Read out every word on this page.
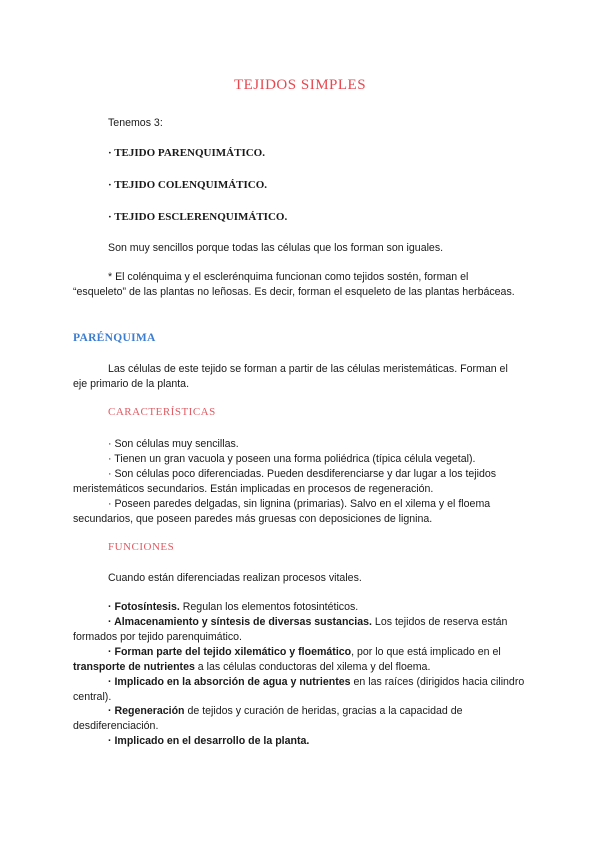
TEJIDOS SIMPLES

Tenemos 3:

· TEJIDO PARENQUIMÁTICO.

· TEJIDO COLENQUIMÁTICO.

· TEJIDO ESCLERENQUIMÁTICO.

Son muy sencillos porque todas las células que los forman son iguales.

* El colénquima y el esclerénquima funcionan como tejidos sostén, forman el “esqueleto” de las plantas no leñosas. Es decir, forman el esqueleto de las plantas herbáceas.

PARÉNQUIMA

Las células de este tejido se forman a partir de las células meristemáticas. Forman el eje primario de la planta.

CARACTERÍSTICAS

· Son células muy sencillas.

· Tienen un gran vacuola y poseen una forma poliédrica (típica célula vegetal).

· Son células poco diferenciadas. Pueden desdiferenciarse y dar lugar a los tejidos meristemáticos secundarios. Están implicadas en procesos de regeneración.

· Poseen paredes delgadas, sin lignina (primarias). Salvo en el xilema y el floema secundarios, que poseen paredes más gruesas con deposiciones de lignina.

FUNCIONES

Cuando están diferenciadas realizan procesos vitales.

· Fotosíntesis. Regulan los elementos fotosintéticos.

· Almacenamiento y síntesis de diversas sustancias. Los tejidos de reserva están formados por tejido parenquimático.

· Forman parte del tejido xilemático y floemático, por lo que está implicado en el transporte de nutrientes a las células conductoras del xilema y del floema.

· Implicado en la absorción de agua y nutrientes en las raíces (dirigidos hacia cilindro central).

· Regeneración de tejidos y curación de heridas, gracias a la capacidad de desdiferenciación.

· Implicado en el desarrollo de la planta.
